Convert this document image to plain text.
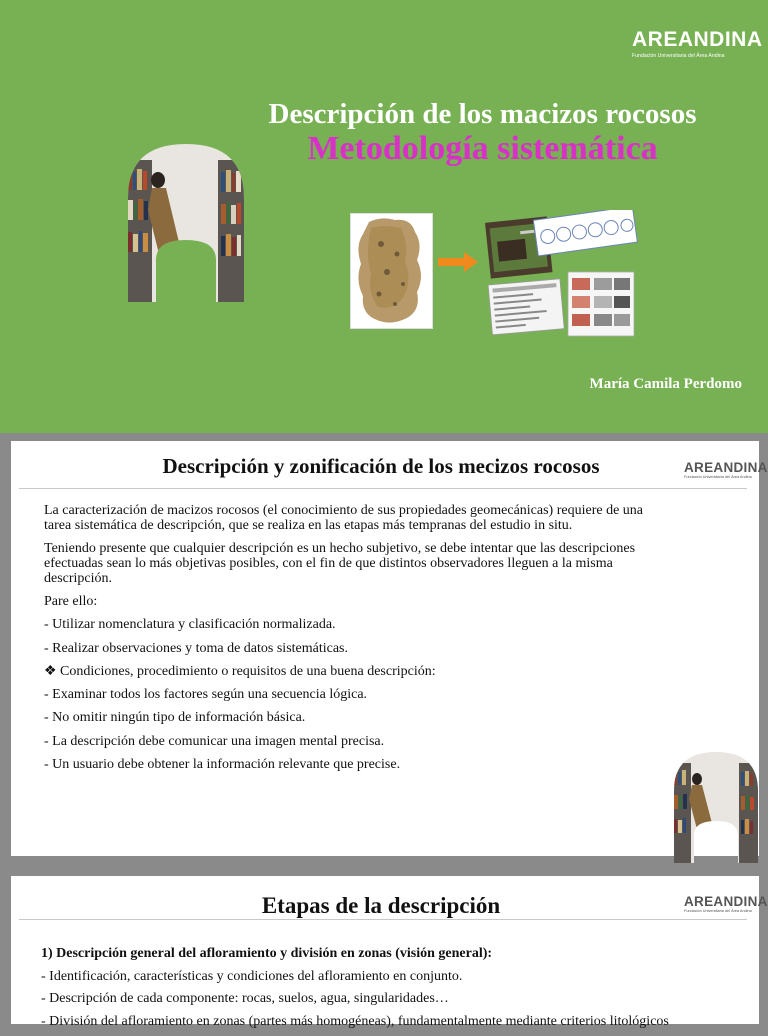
AREANDINA
Fundación Universitaria del Área Andina
Descripción de los macizos rocosos
Metodología sistemática
María Camila Perdomo
Descripción y zonificación de los mecizos rocosos	AREANDINA
Fundación Universitaria del Área Andina

La caracterización de macizos rocosos (el conocimiento de sus propiedades geomecánicas) requiere de una tarea sistemática de descripción, que se realiza en las etapas más tempranas del estudio in situ.

Teniendo presente que cualquier descripción es un hecho subjetivo, se debe intentar que las descripciones efectuadas sean lo más objetivas posibles, con el fin de que distintos observadores lleguen a la misma descripción.

Pare ello:
- Utilizar nomenclatura y clasificación normalizada.
- Realizar observaciones y toma de datos sistemáticas.
❖ Condiciones, procedimiento o requisitos de una buena descripción:
- Examinar todos los factores según una secuencia lógica.
- No omitir ningún tipo de información básica.
- La descripción debe comunicar una imagen mental precisa.
- Un usuario debe obtener la información relevante que precise.
Etapas de la descripción	AREANDINA
Fundación Universitaria del Área Andina
1) Descripción general del afloramiento y división en zonas (visión general):
- Identificación, características y condiciones del afloramiento en conjunto.
- Descripción de cada componente: rocas, suelos, agua, singularidades…
- División del afloramiento en zonas (partes más homogéneas), fundamentalmente mediante criterios litológicos
